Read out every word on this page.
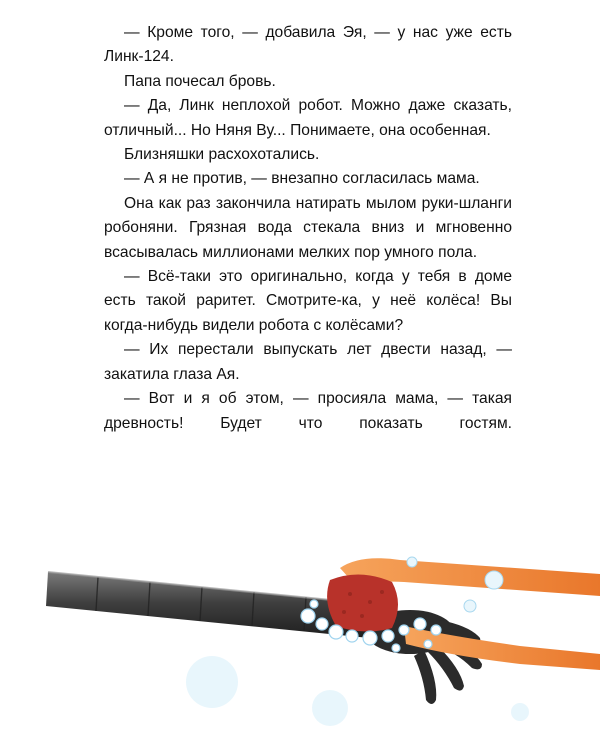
— Кроме того, — добавила Эя, — у нас уже есть Линк-124.

Папа почесал бровь.

— Да, Линк неплохой робот. Можно даже сказать, отличный... Но Няня Ву... Понимаете, она особенная.

Близняшки расхохотались.

— А я не против, — внезапно согласилась мама.

Она как раз закончила натирать мылом руки-шланги робоняни. Грязная вода стекала вниз и мгновенно всасывалась миллионами мелких пор умного пола.

— Всё-таки это оригинально, когда у тебя в доме есть такой раритет. Смотрите-ка, у неё колёса! Вы когда-нибудь видели робота с колёсами?

— Их перестали выпускать лет двести назад, — закатила глаза Ая.

— Вот и я об этом, — просияла мама, — такая древность! Будет что показать гостям.
